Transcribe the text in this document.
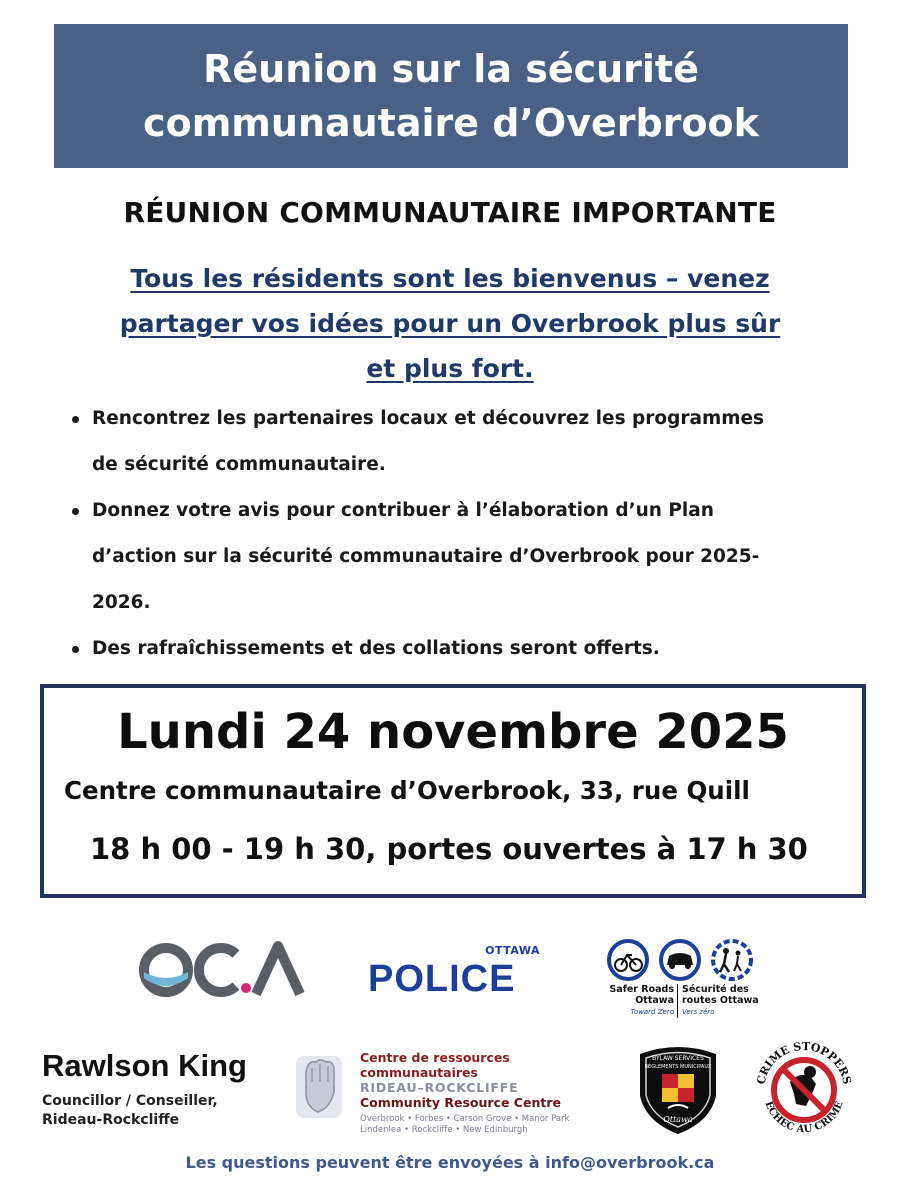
Réunion sur la sécurité
communautaire d’Overbrook
RÉUNION COMMUNAUTAIRE IMPORTANTE
Tous les résidents sont les bienvenus – venez
partager vos idées pour un Overbrook plus sûr
et plus fort.
Rencontrez les partenaires locaux et découvrez les programmes
de sécurité communautaire.
Donnez votre avis pour contribuer à l’élaboration d’un Plan
d’action sur la sécurité communautaire d’Overbrook pour 2025-
2026.
Des rafraîchissements et des collations seront offerts.
Lundi 24 novembre 2025
Centre communautaire d’Overbrook, 33, rue Quill
18 h 00 - 19 h 30, portes ouvertes à 17 h 30
OTTAWA
POLICE	Safer Roads
Ottawa
Sécurité des
routes Ottawa
Toward Zero Vers zéro
Rawlson King
Councillor / Conseiller,
Rideau-Rockcliffe
Centre de ressources communautaires
RIDEAU–ROCKCLIFFE
Community Resource Centre
Overbrook • Forbes • Carson Grove • Manor Park
Lindenlea • Rockcliffe • New Edinburgh
BYLAW SERVICES
RÈGLEMENTS MUNICIPAUX
Ottawa
CRIME STOPPERS
ÉCHEC AU CRIME
Les questions peuvent être envoyées à info@overbrook.ca
